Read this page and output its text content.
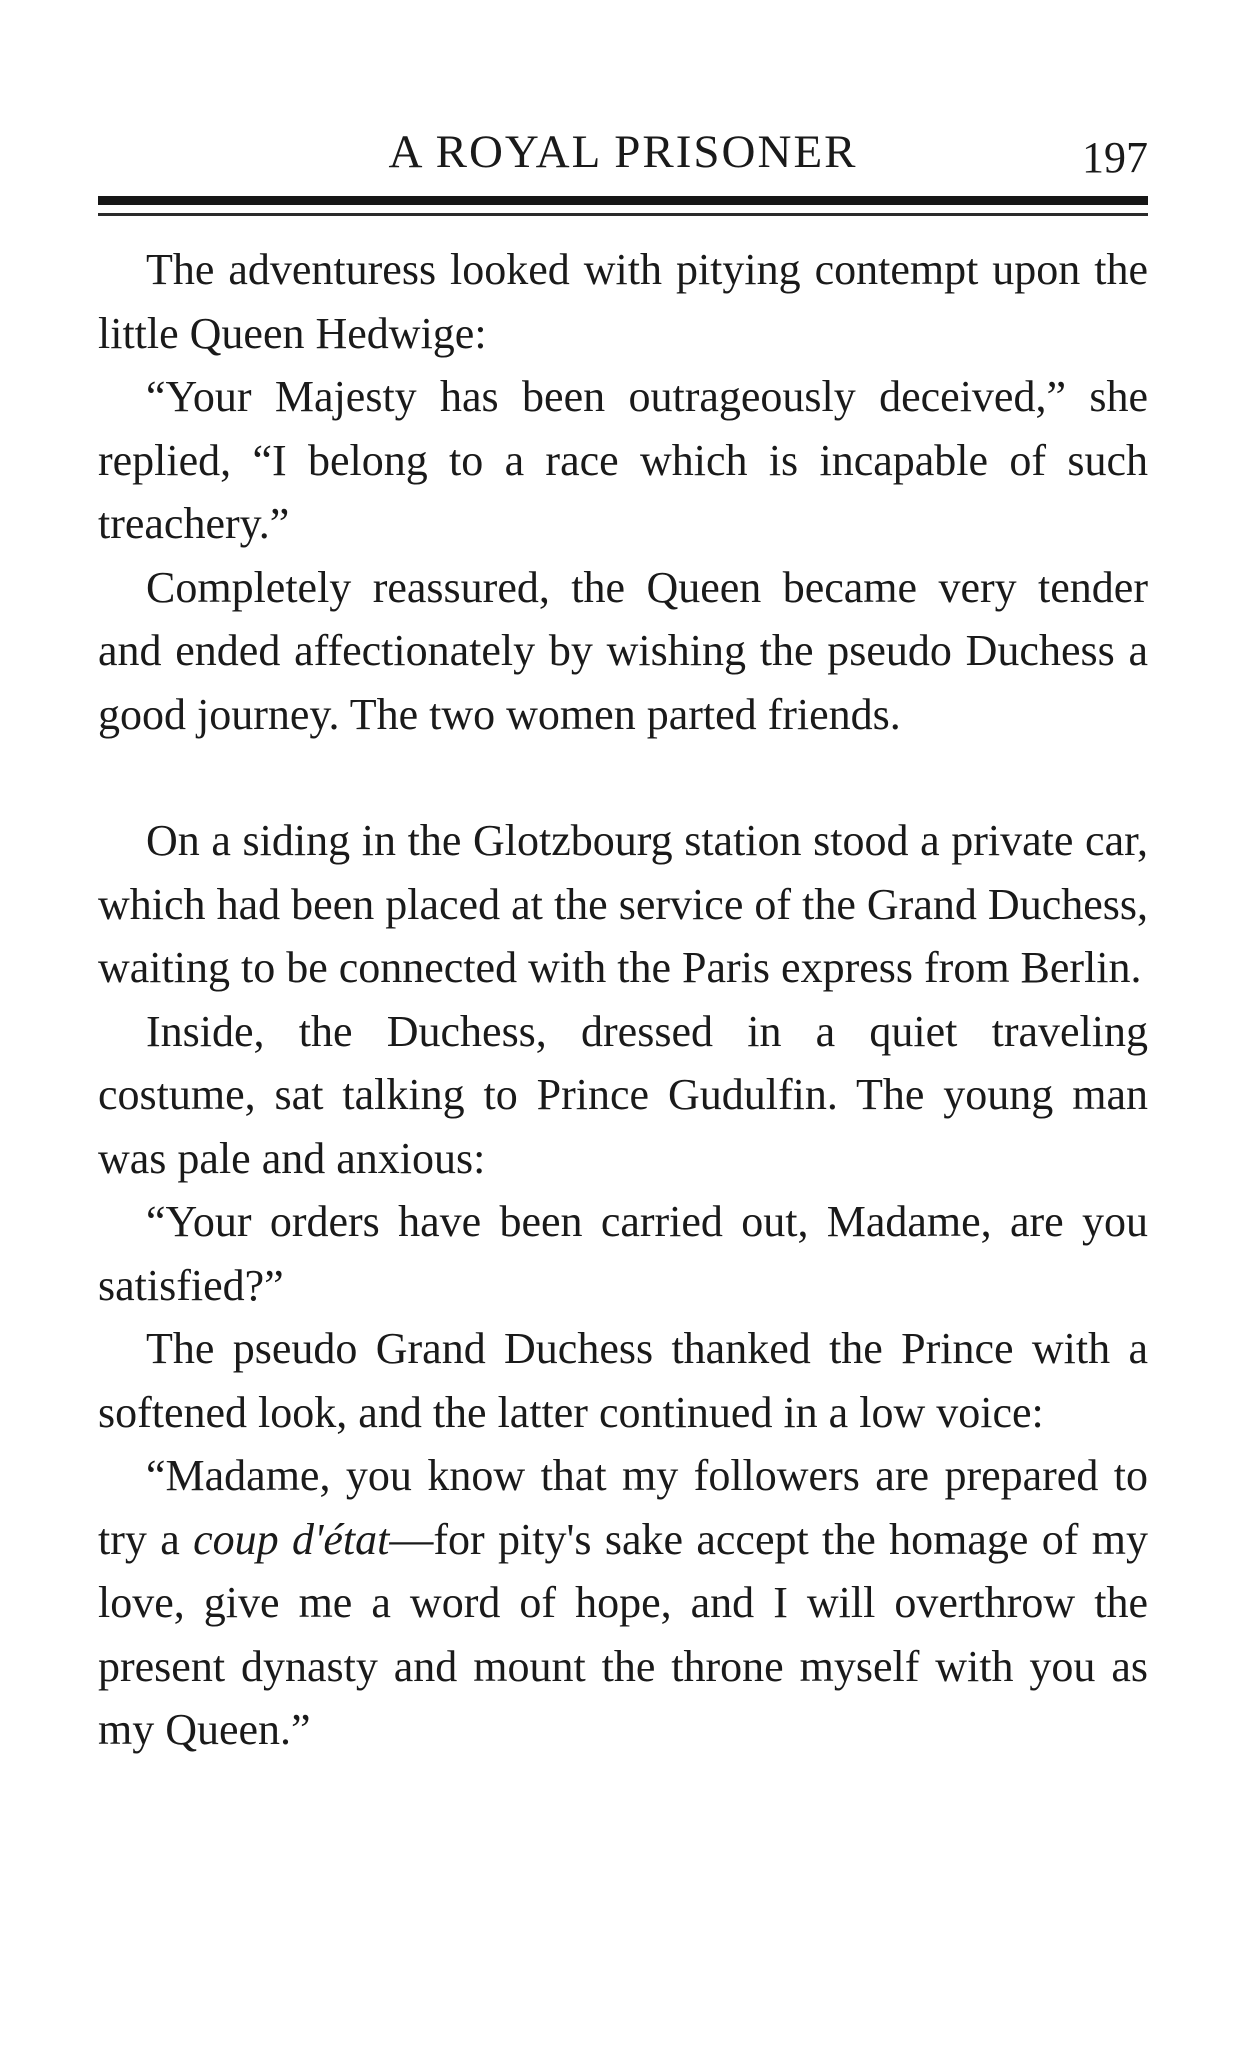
A ROYAL PRISONER	197

The adventuress looked with pitying contempt upon the little Queen Hedwige:

“Your Majesty has been outrageously deceived,” she replied, “I belong to a race which is incapable of such treachery.”

Completely reassured, the Queen became very tender and ended affectionately by wishing the pseudo Duchess a good journey. The two women parted friends.

On a siding in the Glotzbourg station stood a private car, which had been placed at the service of the Grand Duchess, waiting to be connected with the Paris express from Berlin.

Inside, the Duchess, dressed in a quiet traveling costume, sat talking to Prince Gudulfin. The young man was pale and anxious:

“Your orders have been carried out, Madame, are you satisfied?”

The pseudo Grand Duchess thanked the Prince with a softened look, and the latter continued in a low voice:

“Madame, you know that my followers are prepared to try a coup d'état—for pity's sake accept the homage of my love, give me a word of hope, and I will overthrow the present dynasty and mount the throne myself with you as my Queen.”
